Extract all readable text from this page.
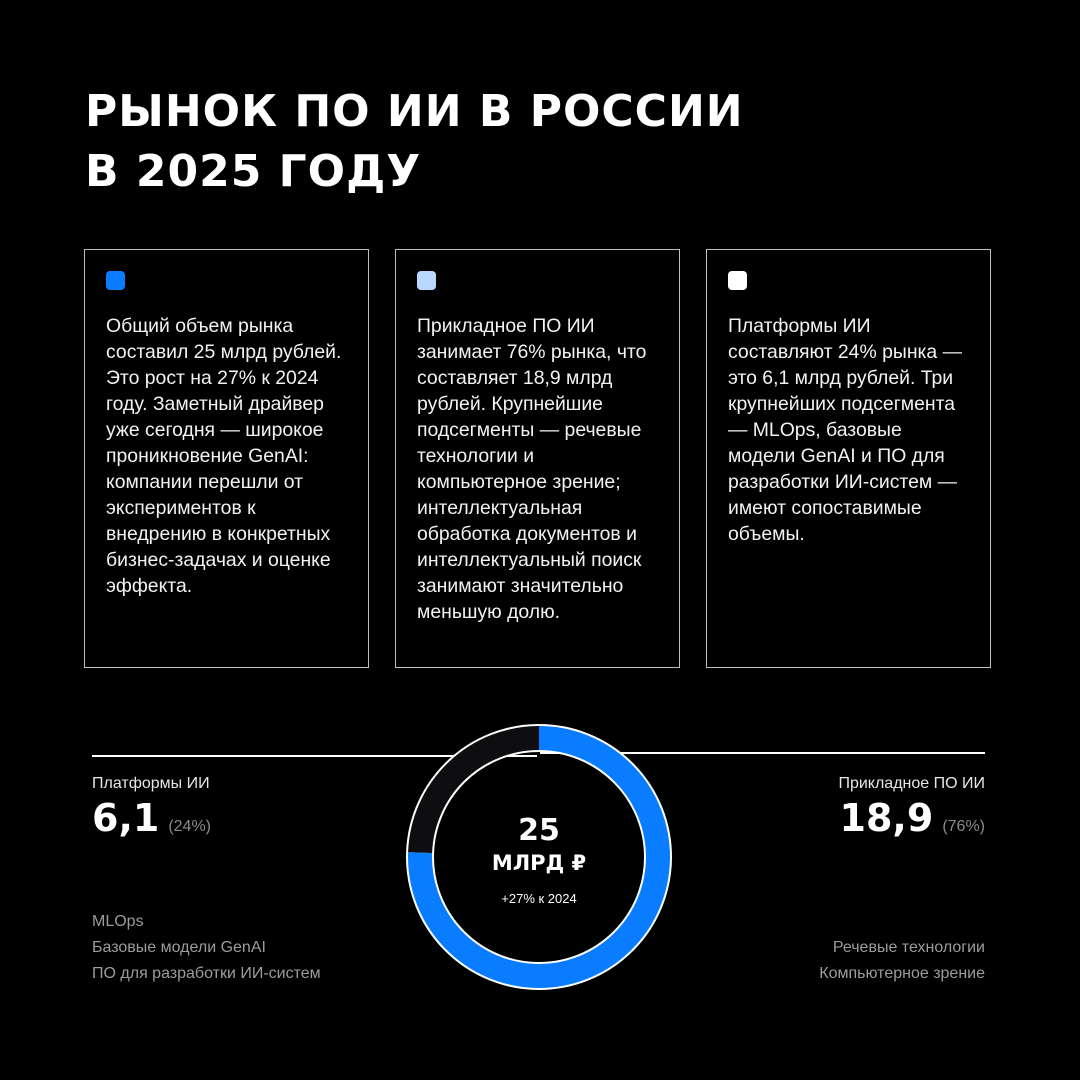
РЫНОК ПО ИИ В РОССИИ
В 2025 ГОДУ

Общий объем рынка составил 25 млрд рублей. Это рост на 27% к 2024 году. Заметный драйвер уже сегодня — широкое проникновение GenAI: компании перешли от экспериментов к внедрению в конкретных бизнес-задачах и оценке эффекта.

Прикладное ПО ИИ занимает 76% рынка, что составляет 18,9 млрд рублей. Крупнейшие подсегменты — речевые технологии и компьютерное зрение; интеллектуальная обработка документов и интеллектуальный поиск занимают значительно меньшую долю.

Платформы ИИ составляют 24% рынка — это 6,1 млрд рублей. Три крупнейших подсегмента — MLOps, базовые модели GenAI и ПО для разработки ИИ-систем — имеют сопоставимые объемы.

Платформы ИИ
6,1 (24%)
MLOps
Базовые модели GenAI
ПО для разработки ИИ-систем
Прикладное ПО ИИ
18,9 (76%)
Речевые технологии
Компьютерное зрение
25
МЛРД ₽
+27% к 2024
